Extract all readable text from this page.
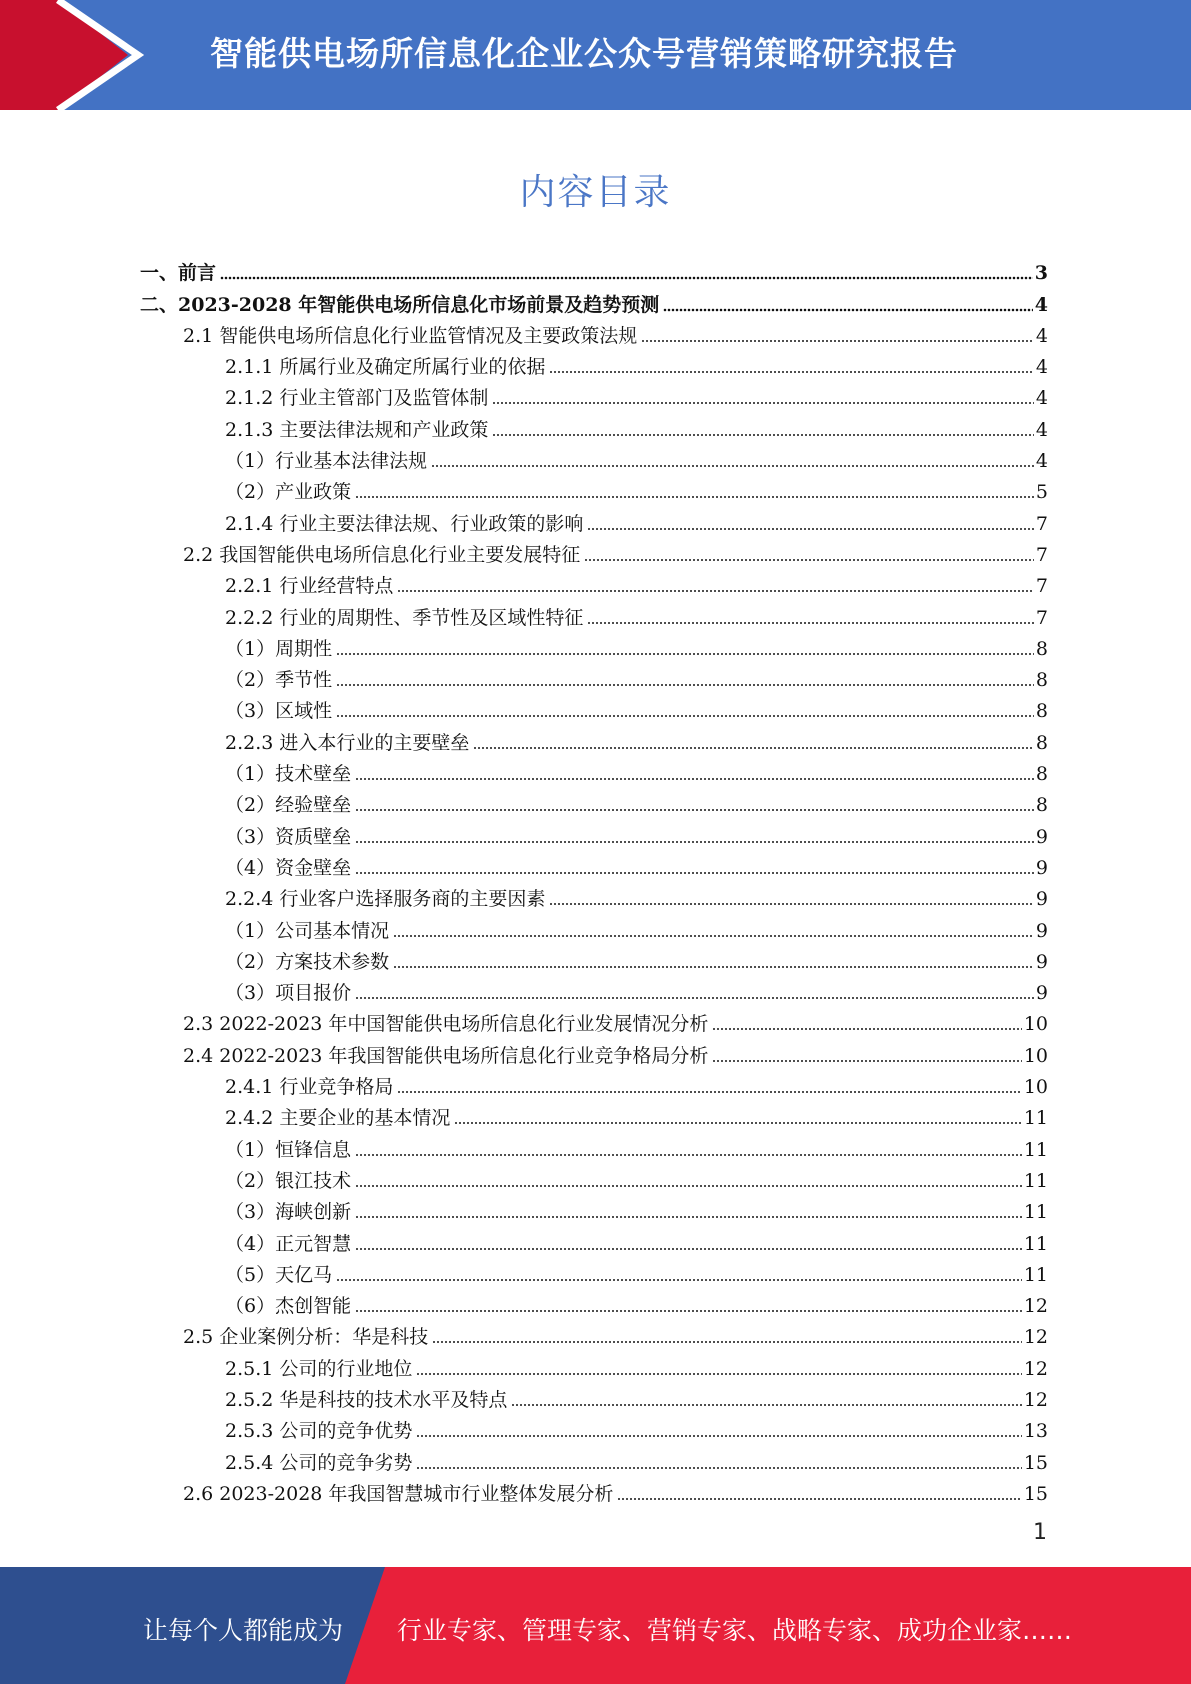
智能供电场所信息化企业公众号营销策略研究报告
内容目录
一、前言	3
二、2023-2028 年智能供电场所信息化市场前景及趋势预测	4
2.1 智能供电场所信息化行业监管情况及主要政策法规	4
2.1.1 所属行业及确定所属行业的依据	4
2.1.2 行业主管部门及监管体制	4
2.1.3 主要法律法规和产业政策	4
（1）行业基本法律法规	4
（2）产业政策	5
2.1.4 行业主要法律法规、行业政策的影响	7
2.2 我国智能供电场所信息化行业主要发展特征	7
2.2.1 行业经营特点	7
2.2.2 行业的周期性、季节性及区域性特征	7
（1）周期性	8
（2）季节性	8
（3）区域性	8
2.2.3 进入本行业的主要壁垒	8
（1）技术壁垒	8
（2）经验壁垒	8
（3）资质壁垒	9
（4）资金壁垒	9
2.2.4 行业客户选择服务商的主要因素	9
（1）公司基本情况	9
（2）方案技术参数	9
（3）项目报价	9
2.3 2022-2023 年中国智能供电场所信息化行业发展情况分析	10
2.4 2022-2023 年我国智能供电场所信息化行业竞争格局分析	10
2.4.1 行业竞争格局	10
2.4.2 主要企业的基本情况	11
（1）恒锋信息	11
（2）银江技术	11
（3）海峡创新	11
（4）正元智慧	11
（5）天亿马	11
（6）杰创智能	12
2.5 企业案例分析：华是科技	12
2.5.1 公司的行业地位	12
2.5.2 华是科技的技术水平及特点	12
2.5.3 公司的竞争优势	13
2.5.4 公司的竞争劣势	15
2.6 2023-2028 年我国智慧城市行业整体发展分析	15
1
让每个人都能成为 行业专家、管理专家、营销专家、战略专家、成功企业家……
